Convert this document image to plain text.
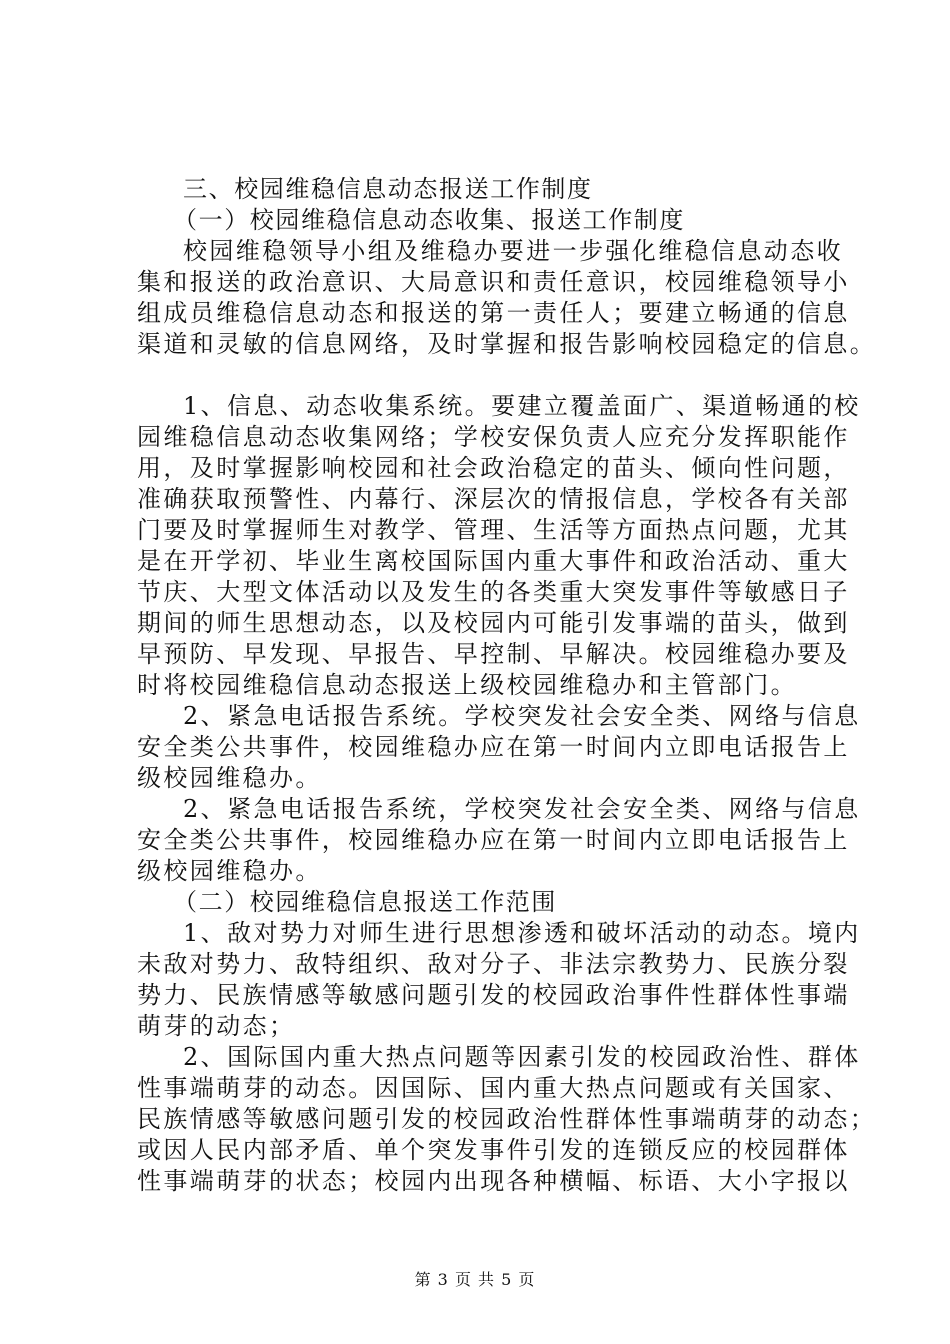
三、校园维稳信息动态报送工作制度
（一）校园维稳信息动态收集、报送工作制度
校园维稳领导小组及维稳办要进一步强化维稳信息动态收
集和报送的政治意识、大局意识和责任意识，校园维稳领导小
组成员维稳信息动态和报送的第一责任人；要建立畅通的信息
渠道和灵敏的信息网络，及时掌握和报告影响校园稳定的信息。
1、信息、动态收集系统。要建立覆盖面广、渠道畅通的校
园维稳信息动态收集网络；学校安保负责人应充分发挥职能作
用，及时掌握影响校园和社会政治稳定的苗头、倾向性问题，
准确获取预警性、内幕行、深层次的情报信息，学校各有关部
门要及时掌握师生对教学、管理、生活等方面热点问题，尤其
是在开学初、毕业生离校国际国内重大事件和政治活动、重大
节庆、大型文体活动以及发生的各类重大突发事件等敏感日子
期间的师生思想动态，以及校园内可能引发事端的苗头，做到
早预防、早发现、早报告、早控制、早解决。校园维稳办要及
时将校园维稳信息动态报送上级校园维稳办和主管部门。
2、紧急电话报告系统。学校突发社会安全类、网络与信息
安全类公共事件，校园维稳办应在第一时间内立即电话报告上
级校园维稳办。
2、紧急电话报告系统，学校突发社会安全类、网络与信息
安全类公共事件，校园维稳办应在第一时间内立即电话报告上
级校园维稳办。
（二）校园维稳信息报送工作范围
1、敌对势力对师生进行思想渗透和破坏活动的动态。境内
未敌对势力、敌特组织、敌对分子、非法宗教势力、民族分裂
势力、民族情感等敏感问题引发的校园政治事件性群体性事端
萌芽的动态；
2、国际国内重大热点问题等因素引发的校园政治性、群体
性事端萌芽的动态。因国际、国内重大热点问题或有关国家、
民族情感等敏感问题引发的校园政治性群体性事端萌芽的动态；
或因人民内部矛盾、单个突发事件引发的连锁反应的校园群体
性事端萌芽的状态；校园内出现各种横幅、标语、大小字报以
第 3 页 共 5 页
